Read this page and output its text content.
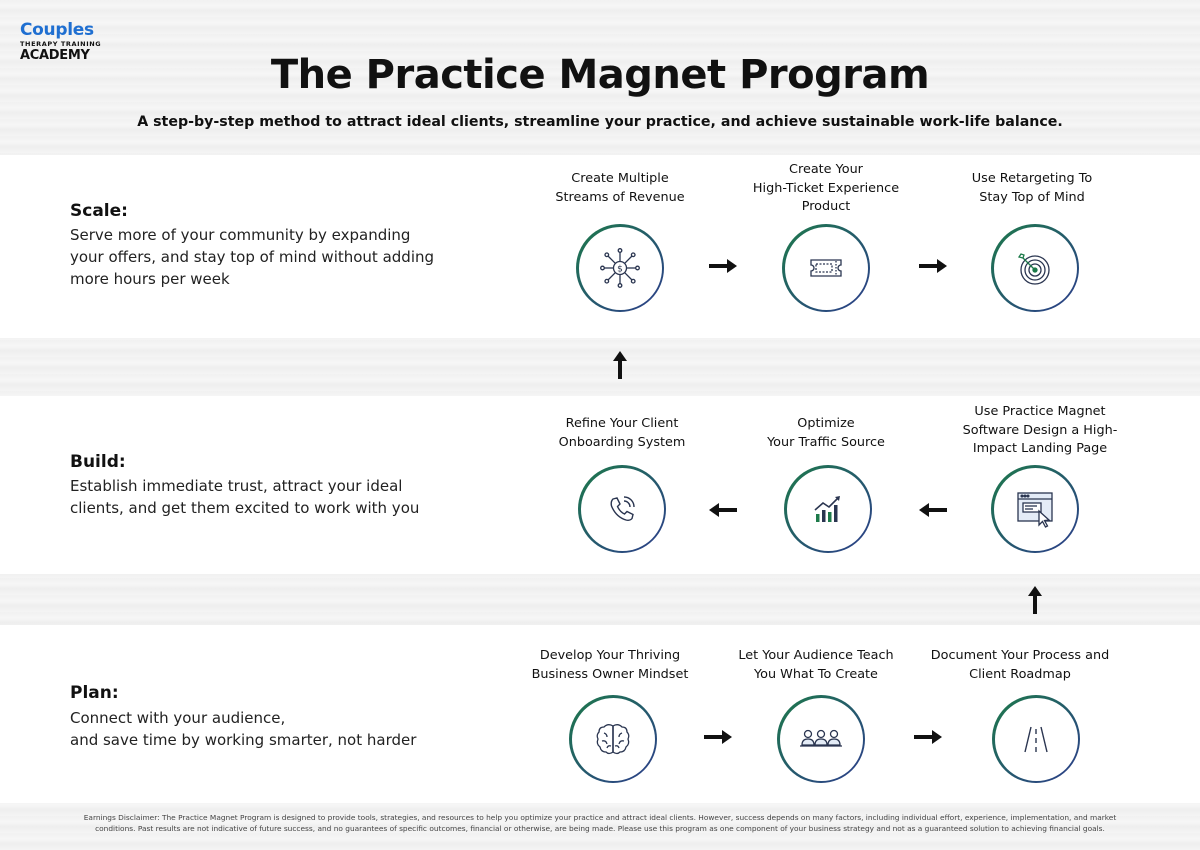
Couples
THERAPY TRAINING
ACADEMY	The Practice Magnet Program
A step-by-step method to attract ideal clients, streamline your practice, and achieve sustainable work-life balance.
Scale:
Serve more of your community by expanding
your offers, and stay top of mind without adding
more hours per week
Create Multiple
Streams of Revenue
Create Your
High-Ticket Experience
Product
Use Retargeting To
Stay Top of Mind
$
Build:
Establish immediate trust, attract your ideal
clients, and get them excited to work with you
Refine Your Client
Onboarding System
Optimize
Your Traffic Source
Use Practice Magnet
Software Design a High-
Impact Landing Page
Plan:
Connect with your audience,
and save time by working smarter, not harder
Develop Your Thriving
Business Owner Mindset
Let Your Audience Teach
You What To Create
Document Your Process and
Client Roadmap
Earnings Disclaimer: The Practice Magnet Program is designed to provide tools, strategies, and resources to help you optimize your practice and attract ideal clients. However, success depends on many factors, including individual effort, experience, implementation, and market conditions. Past results are not indicative of future success, and no guarantees of specific outcomes, financial or otherwise, are being made. Please use this program as one component of your business strategy and not as a guaranteed solution to achieving financial goals.
